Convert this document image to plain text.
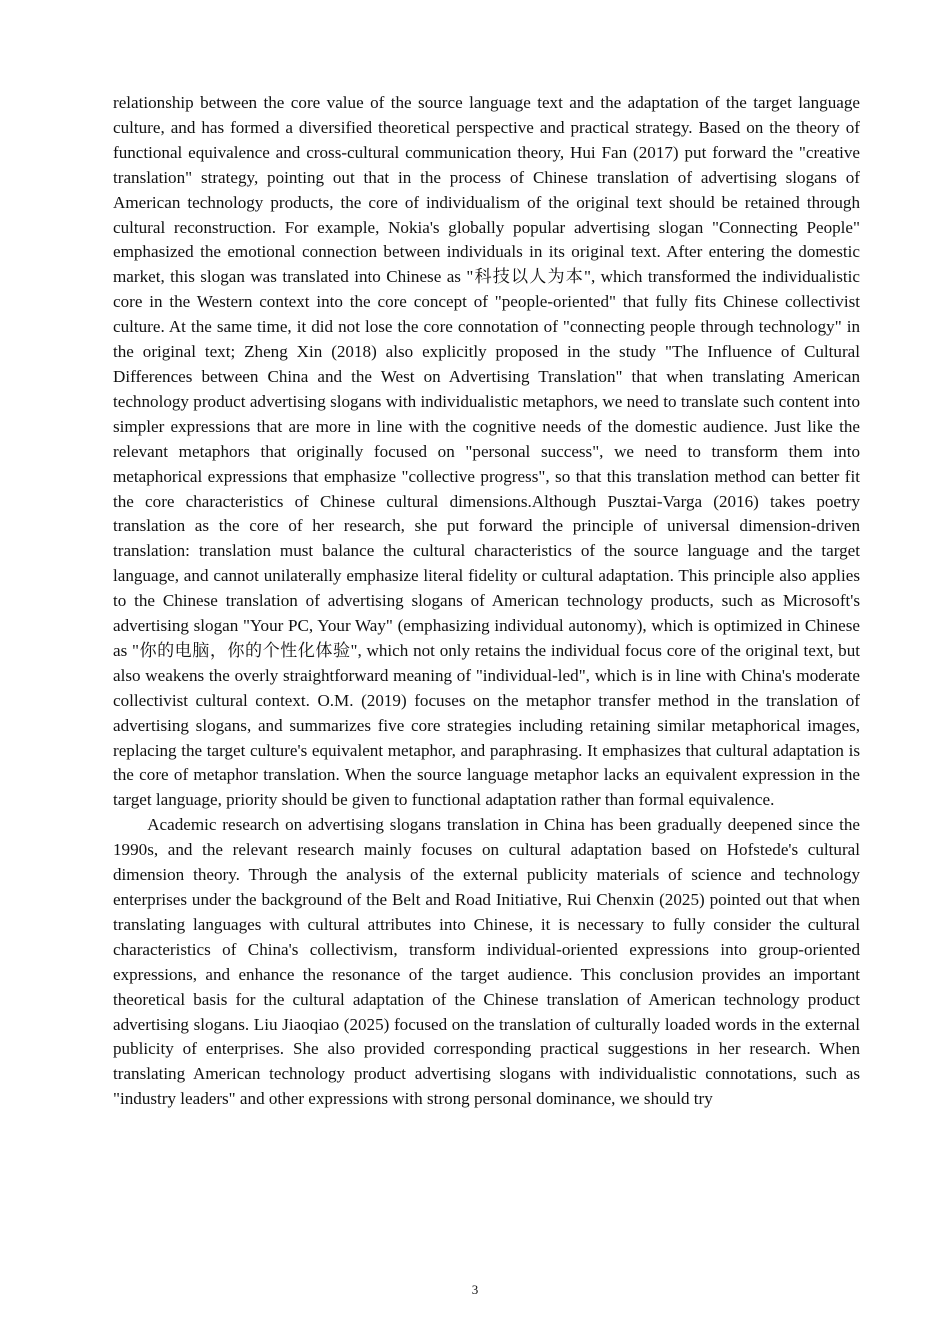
relationship between the core value of the source language text and the adaptation of the target language culture, and has formed a diversified theoretical perspective and practical strategy. Based on the theory of functional equivalence and cross-cultural communication theory, Hui Fan (2017) put forward the "creative translation" strategy, pointing out that in the process of Chinese translation of advertising slogans of American technology products, the core of individualism of the original text should be retained through cultural reconstruction. For example, Nokia's globally popular advertising slogan "Connecting People" emphasized the emotional connection between individuals in its original text. After entering the domestic market, this slogan was translated into Chinese as "科技以人为本", which transformed the individualistic core in the Western context into the core concept of "people-oriented" that fully fits Chinese collectivist culture. At the same time, it did not lose the core connotation of "connecting people through technology" in the original text; Zheng Xin (2018) also explicitly proposed in the study "The Influence of Cultural Differences between China and the West on Advertising Translation" that when translating American technology product advertising slogans with individualistic metaphors, we need to translate such content into simpler expressions that are more in line with the cognitive needs of the domestic audience. Just like the relevant metaphors that originally focused on "personal success", we need to transform them into metaphorical expressions that emphasize "collective progress", so that this translation method can better fit the core characteristics of Chinese cultural dimensions.Although Pusztai-Varga (2016) takes poetry translation as the core of her research, she put forward the principle of universal dimension-driven translation: translation must balance the cultural characteristics of the source language and the target language, and cannot unilaterally emphasize literal fidelity or cultural adaptation. This principle also applies to the Chinese translation of advertising slogans of American technology products, such as Microsoft's advertising slogan "Your PC, Your Way" (emphasizing individual autonomy), which is optimized in Chinese as "你的电脑，你的个性化体验", which not only retains the individual focus core of the original text, but also weakens the overly straightforward meaning of "individual-led", which is in line with China's moderate collectivist cultural context. O.M. (2019) focuses on the metaphor transfer method in the translation of advertising slogans, and summarizes five core strategies including retaining similar metaphorical images, replacing the target culture's equivalent metaphor, and paraphrasing. It emphasizes that cultural adaptation is the core of metaphor translation. When the source language metaphor lacks an equivalent expression in the target language, priority should be given to functional adaptation rather than formal equivalence.

Academic research on advertising slogans translation in China has been gradually deepened since the 1990s, and the relevant research mainly focuses on cultural adaptation based on Hofstede's cultural dimension theory. Through the analysis of the external publicity materials of science and technology enterprises under the background of the Belt and Road Initiative, Rui Chenxin (2025) pointed out that when translating languages with cultural attributes into Chinese, it is necessary to fully consider the cultural characteristics of China's collectivism, transform individual-oriented expressions into group-oriented expressions, and enhance the resonance of the target audience. This conclusion provides an important theoretical basis for the cultural adaptation of the Chinese translation of American technology product advertising slogans. Liu Jiaoqiao (2025) focused on the translation of culturally loaded words in the external publicity of enterprises. She also provided corresponding practical suggestions in her research. When translating American technology product advertising slogans with individualistic connotations, such as "industry leaders" and other expressions with strong personal dominance, we should try

3
